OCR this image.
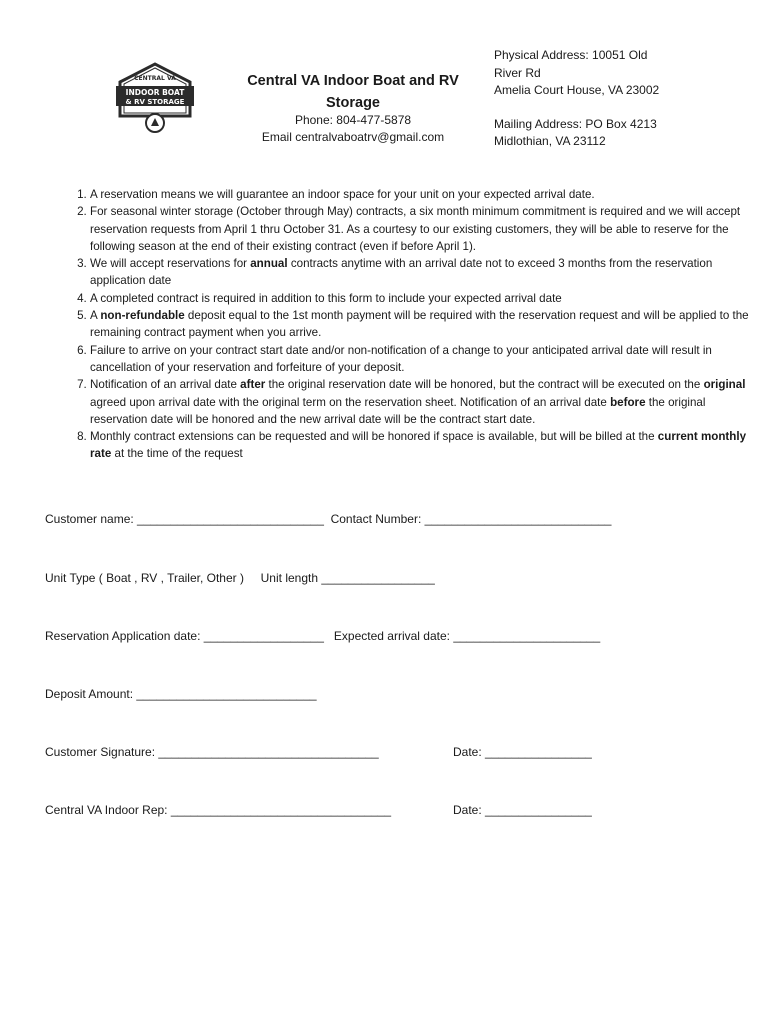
CENTRAL VA
INDOOR BOAT
& RV STORAGE
Central VA Indoor Boat and RV Storage
Phone: 804-477-5878
Email centralvaboatrv@gmail.com
Physical Address: 10051 Old
River Rd
Amelia Court House, VA 23002
Mailing Address: PO Box 4213
Midlothian, VA 23112
1. A reservation means we will guarantee an indoor space for your unit on your expected arrival date.
2. For seasonal winter storage (October through May) contracts, a six month minimum commitment is required and we will accept reservation requests from April 1 thru October 31. As a courtesy to our existing customers, they will be able to reserve for the following season at the end of their existing contract (even if before April 1).
3. We will accept reservations for annual contracts anytime with an arrival date not to exceed 3 months from the reservation application date
4. A completed contract is required in addition to this form to include your expected arrival date
5. A non-refundable deposit equal to the 1st month payment will be required with the reservation request and will be applied to the remaining contract payment when you arrive.
6. Failure to arrive on your contract start date and/or non-notification of a change to your anticipated arrival date will result in cancellation of your reservation and forfeiture of your deposit.
7. Notification of an arrival date after the original reservation date will be honored, but the contract will be executed on the original agreed upon arrival date with the original term on the reservation sheet. Notification of an arrival date before the original reservation date will be honored and the new arrival date will be the contract start date.
8. Monthly contract extensions can be requested and will be honored if space is available, but will be billed at the current monthly rate at the time of the request
Customer name: ____________________________ Contact Number: ____________________________
Unit Type ( Boat , RV , Trailer, Other ) Unit length _________________
Reservation Application date: __________________ Expected arrival date: ______________________
Deposit Amount: ___________________________
Customer Signature: _________________________________	Date: ________________
Central VA Indoor Rep: _________________________________	Date: ________________
